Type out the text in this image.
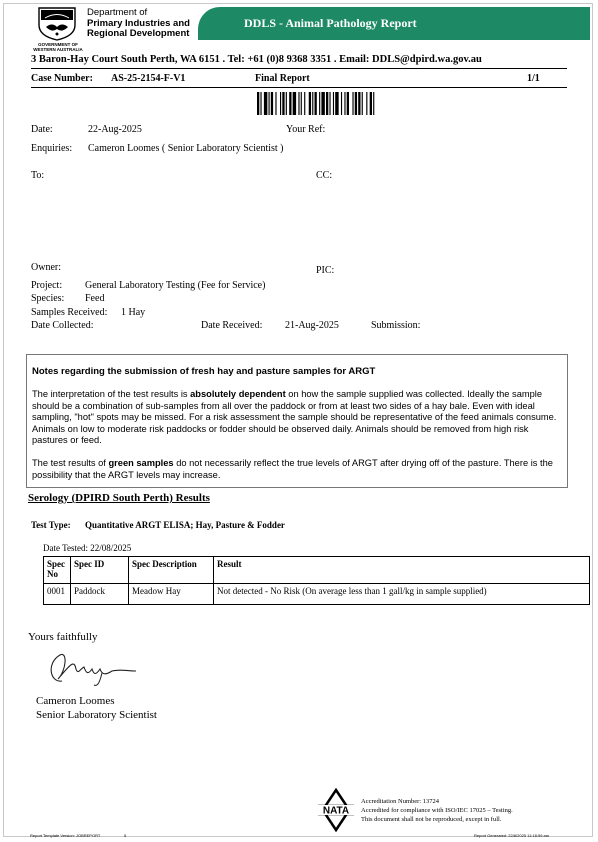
GOVERNMENT OF
WESTERN AUSTRALIA
Department of
Primary Industries and
Regional Development
DDLS - Animal Pathology Report
3 Baron-Hay Court South Perth, WA 6151 . Tel: +61 (0)8 9368 3351 . Email: DDLS@dpird.wa.gov.au
Case Number: AS-25-2154-F-V1	Final Report	1/1
Date:	22-Aug-2025	Your Ref:
Enquiries: Cameron Loomes ( Senior Laboratory Scientist )
To:	CC:
Owner:	PIC:
Project: General Laboratory Testing (Fee for Service)
Species: Feed
Samples Received: 1 Hay
Date Collected:	Date Received: 21-Aug-2025	Submission:
Notes regarding the submission of fresh hay and pasture samples for ARGT

The interpretation of the test results is absolutely dependent on how the sample supplied was collected. Ideally the sample should be a combination of sub-samples from all over the paddock or from at least two sides of a hay bale. Even with ideal sampling, "hot" spots may be missed. For a risk assessment the sample should be representative of the feed animals consume. Animals on low to moderate risk paddocks or fodder should be observed daily. Animals should be removed from high risk pastures or feed.

The test results of green samples do not necessarily reflect the true levels of ARGT after drying off of the pasture. There is the possibility that the ARGT levels may increase.

Serology (DPIRD South Perth) Results
Test Type: Quantitative ARGT ELISA; Hay, Pasture & Fodder
Date Tested: 22/08/2025
Spec No	Spec ID	Spec Description	Result
0001	Paddock	Meadow Hay	Not detected - No Risk (On average less than 1 gall/kg in sample supplied)
Yours faithfully
Cameron Loomes
Senior Laboratory Scientist
NATA
Accreditation Number: 13724
Accredited for compliance with ISO/IEC 17025 – Testing.
This document shall not be reproduced, except in full.
Report Template Version: JOBREPORT	5	Report Generated: 22/8/2025 11:18:59 am
